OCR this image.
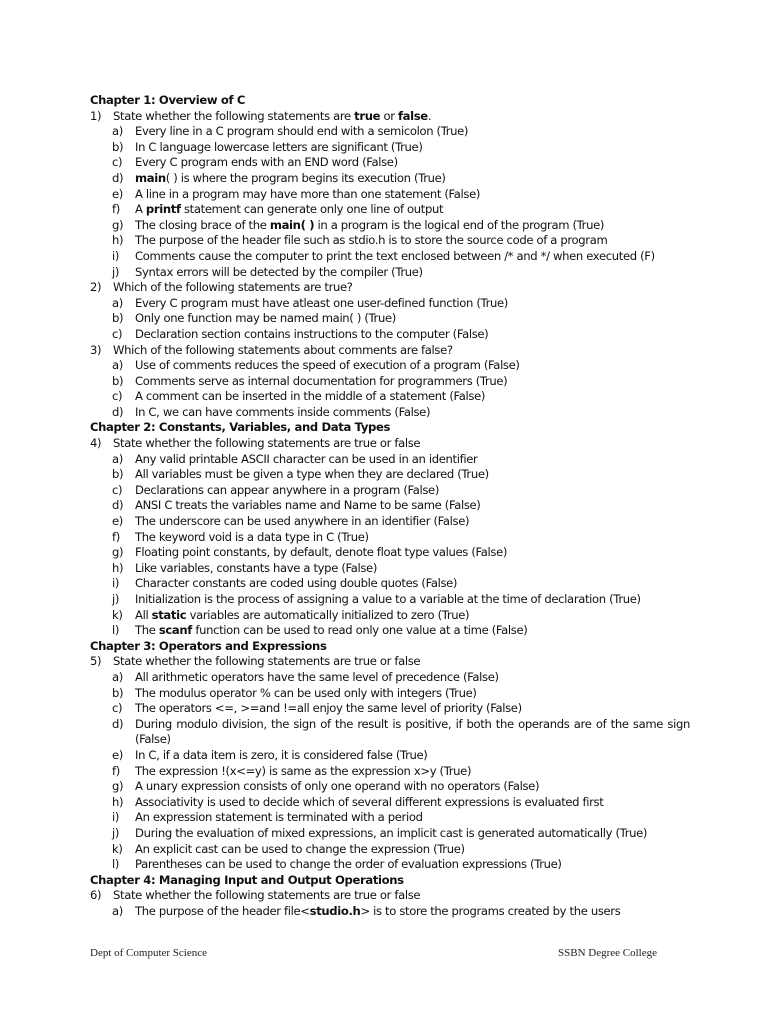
Chapter 1: Overview of C
1)	State whether the following statements are true or false.
a)	Every line in a C program should end with a semicolon (True)
b)	In C language lowercase letters are significant (True)
c)	Every C program ends with an END word (False)
d)	main( ) is where the program begins its execution (True)
e)	A line in a program may have more than one statement (False)
f)	A printf statement can generate only one line of output
g)	The closing brace of the main( ) in a program is the logical end of the program (True)
h)	The purpose of the header file such as stdio.h is to store the source code of a program
i)	Comments cause the computer to print the text enclosed between /* and */ when executed (F)
j)	Syntax errors will be detected by the compiler (True)
2)	Which of the following statements are true?
a)	Every C program must have atleast one user-defined function (True)
b)	Only one function may be named main( ) (True)
c)	Declaration section contains instructions to the computer (False)
3)	Which of the following statements about comments are false?
a)	Use of comments reduces the speed of execution of a program (False)
b)	Comments serve as internal documentation for programmers (True)
c)	A comment can be inserted in the middle of a statement (False)
d)	In C, we can have comments inside comments (False)
Chapter 2: Constants, Variables, and Data Types
4)	State whether the following statements are true or false
a)	Any valid printable ASCII character can be used in an identifier
b)	All variables must be given a type when they are declared (True)
c)	Declarations can appear anywhere in a program (False)
d)	ANSI C treats the variables name and Name to be same (False)
e)	The underscore can be used anywhere in an identifier (False)
f)	The keyword void is a data type in C (True)
g)	Floating point constants, by default, denote float type values (False)
h)	Like variables, constants have a type (False)
i)	Character constants are coded using double quotes (False)
j)	Initialization is the process of assigning a value to a variable at the time of declaration (True)
k)	All static variables are automatically initialized to zero (True)
l)	The scanf function can be used to read only one value at a time (False)
Chapter 3: Operators and Expressions
5)	State whether the following statements are true or false
a)	All arithmetic operators have the same level of precedence (False)
b)	The modulus operator % can be used only with integers (True)
c)	The operators <=, >=and !=all enjoy the same level of priority (False)
d)	During modulo division, the sign of the result is positive, if both the operands are of the same sign (False)
e)	In C, if a data item is zero, it is considered false (True)
f)	The expression !(x<=y) is same as the expression x>y (True)
g)	A unary expression consists of only one operand with no operators (False)
h)	Associativity is used to decide which of several different expressions is evaluated first
i)	An expression statement is terminated with a period
j)	During the evaluation of mixed expressions, an implicit cast is generated automatically (True)
k)	An explicit cast can be used to change the expression (True)
l)	Parentheses can be used to change the order of evaluation expressions (True)
Chapter 4: Managing Input and Output Operations
6)	State whether the following statements are true or false
a)	The purpose of the header file<studio.h> is to store the programs created by the users
Dept of Computer Science	SSBN Degree College
